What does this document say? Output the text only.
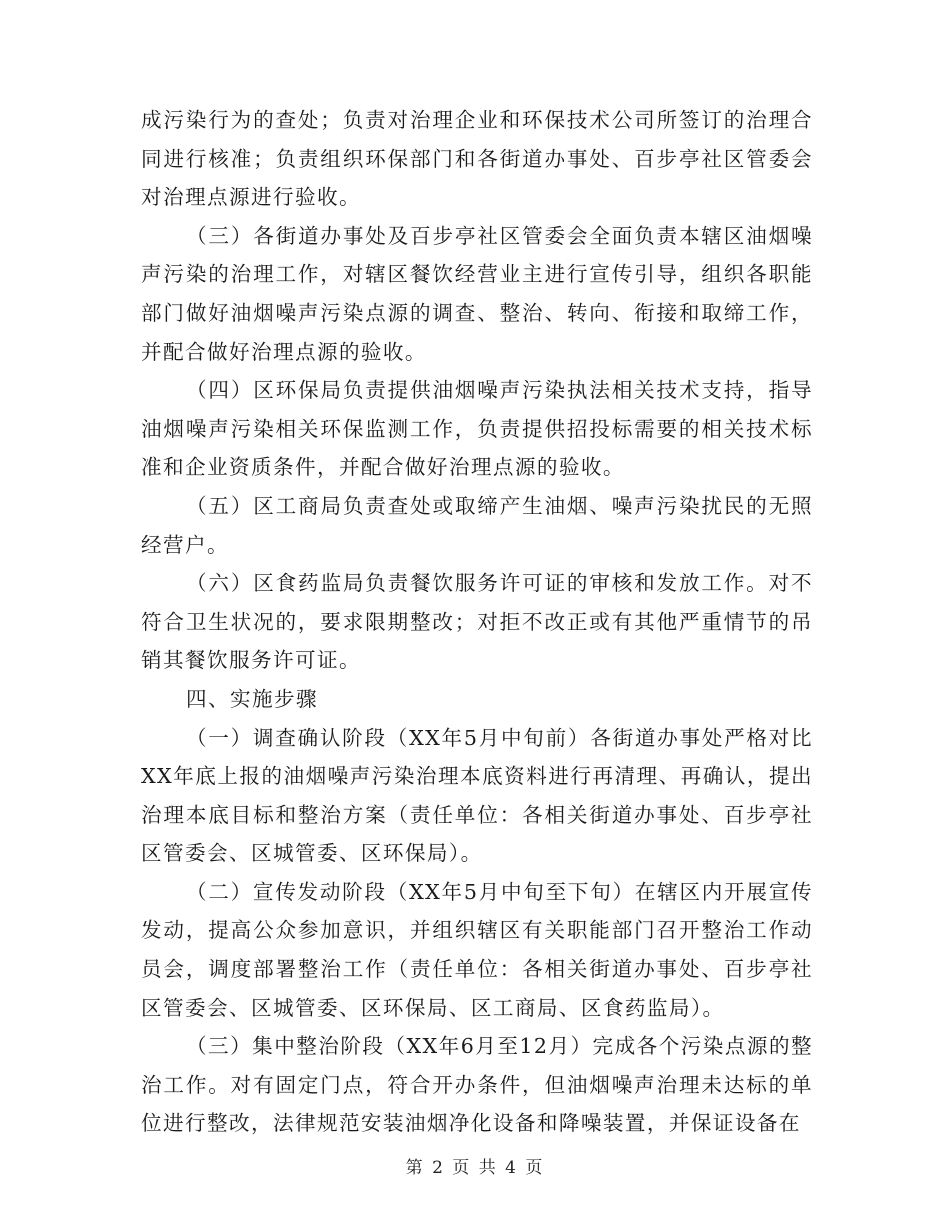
成污染行为的查处；负责对治理企业和环保技术公司所签订的治理合同进行核准；负责组织环保部门和各街道办事处、百步亭社区管委会对治理点源进行验收。

（三）各街道办事处及百步亭社区管委会全面负责本辖区油烟噪声污染的治理工作，对辖区餐饮经营业主进行宣传引导，组织各职能部门做好油烟噪声污染点源的调查、整治、转向、衔接和取缔工作，并配合做好治理点源的验收。

（四）区环保局负责提供油烟噪声污染执法相关技术支持，指导油烟噪声污染相关环保监测工作，负责提供招投标需要的相关技术标准和企业资质条件，并配合做好治理点源的验收。

（五）区工商局负责查处或取缔产生油烟、噪声污染扰民的无照经营户。

（六）区食药监局负责餐饮服务许可证的审核和发放工作。对不符合卫生状况的，要求限期整改；对拒不改正或有其他严重情节的吊销其餐饮服务许可证。

四、实施步骤

（一）调查确认阶段（XX年5月中旬前）各街道办事处严格对比XX年底上报的油烟噪声污染治理本底资料进行再清理、再确认，提出治理本底目标和整治方案（责任单位：各相关街道办事处、百步亭社区管委会、区城管委、区环保局）。

（二）宣传发动阶段（XX年5月中旬至下旬）在辖区内开展宣传发动，提高公众参加意识，并组织辖区有关职能部门召开整治工作动员会，调度部署整治工作（责任单位：各相关街道办事处、百步亭社区管委会、区城管委、区环保局、区工商局、区食药监局）。

（三）集中整治阶段（XX年6月至12月）完成各个污染点源的整治工作。对有固定门点，符合开办条件，但油烟噪声治理未达标的单位进行整改，法律规范安装油烟净化设备和降噪装置，并保证设备在

第 2 页 共 4 页
